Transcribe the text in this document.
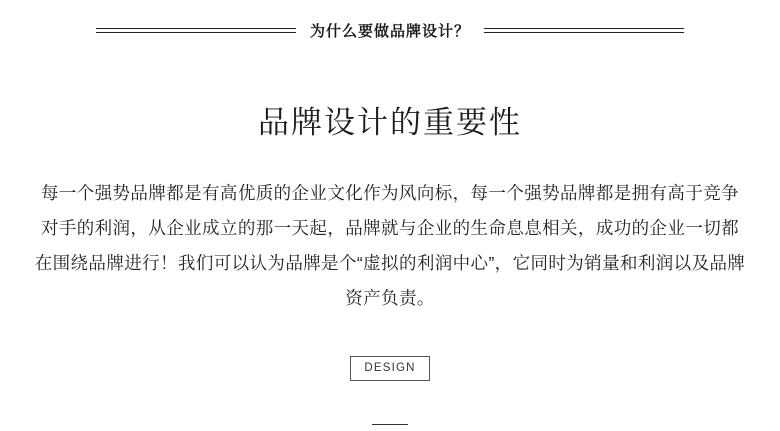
为什么要做品牌设计？
品牌设计的重要性

每一个强势品牌都是有高优质的企业文化作为风向标，每一个强势品牌都是拥有高于竞争对手的利润，从企业成立的那一天起，品牌就与企业的生命息息相关，成功的企业一切都在围绕品牌进行！我们可以认为品牌是个“虚拟的利润中心”，它同时为销量和利润以及品牌资产负责。

DESIGN
